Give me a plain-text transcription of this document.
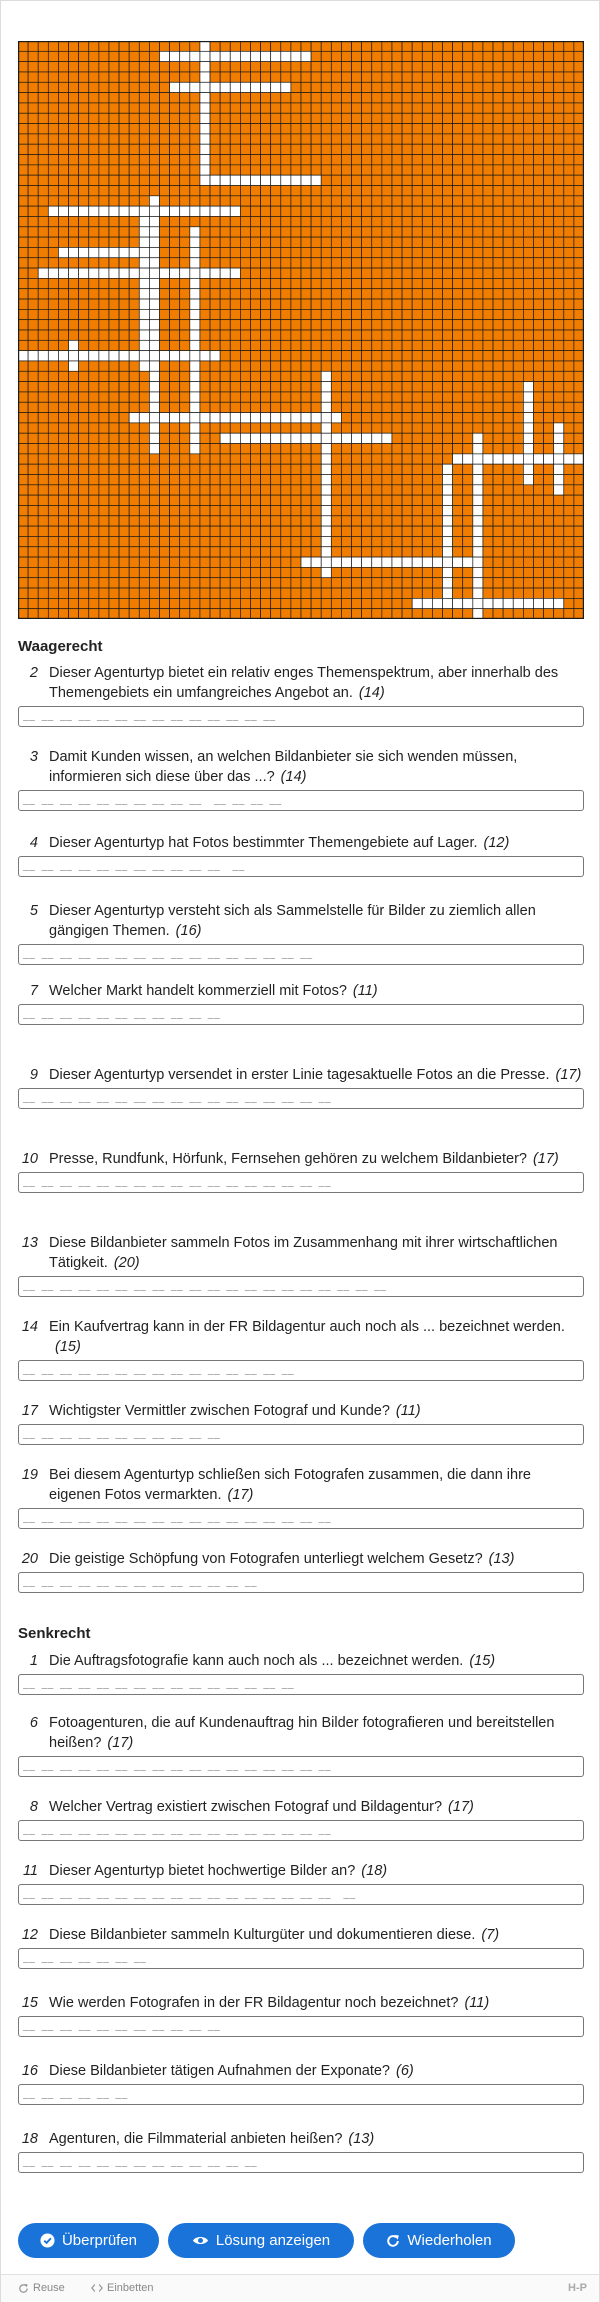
Waagerecht
2 Dieser Agenturtyp bietet ein relativ enges Themenspektrum, aber innerhalb des Themengebiets ein umfangreiches Angebot an. (14)
__ __ __ __ __ __ __ __ __ __ __ __ __ __
3 Damit Kunden wissen, an welchen Bildanbieter sie sich wenden müssen, informieren sich diese über das ...? (14)
__ __ __ __ __ __ __ __ __ __  __ __ __ __
4 Dieser Agenturtyp hat Fotos bestimmter Themengebiete auf Lager. (12)
__ __ __ __ __ __ __ __ __ __ __  __
5 Dieser Agenturtyp versteht sich als Sammelstelle für Bilder zu ziemlich allen gängigen Themen. (16)
__ __ __ __ __ __ __ __ __ __ __ __ __ __ __ __
7 Welcher Markt handelt kommerziell mit Fotos? (11)
__ __ __ __ __ __ __ __ __ __ __
9 Dieser Agenturtyp versendet in erster Linie tagesaktuelle Fotos an die Presse. (17)
__ __ __ __ __ __ __ __ __ __ __ __ __ __ __ __ __
10 Presse, Rundfunk, Hörfunk, Fernsehen gehören zu welchem Bildanbieter? (17)
__ __ __ __ __ __ __ __ __ __ __ __ __ __ __ __ __
13 Diese Bildanbieter sammeln Fotos im Zusammenhang mit ihrer wirtschaftlichen Tätigkeit. (20)
__ __ __ __ __ __ __ __ __ __ __ __ __ __ __ __ __ __ __ __
14 Ein Kaufvertrag kann in der FR Bildagentur auch noch als ... bezeichnet werden.(15)
__ __ __ __ __ __ __ __ __ __ __ __ __ __ __
17 Wichtigster Vermittler zwischen Fotograf und Kunde? (11)
__ __ __ __ __ __ __ __ __ __ __
19 Bei diesem Agenturtyp schließen sich Fotografen zusammen, die dann ihre eigenen Fotos vermarkten. (17)
__ __ __ __ __ __ __ __ __ __ __ __ __ __ __ __ __
20 Die geistige Schöpfung von Fotografen unterliegt welchem Gesetz? (13)
__ __ __ __ __ __ __ __ __ __ __ __ __
Senkrecht
1 Die Auftragsfotografie kann auch noch als ... bezeichnet werden. (15)
__ __ __ __ __ __ __ __ __ __ __ __ __ __ __
6 Fotoagenturen, die auf Kundenauftrag hin Bilder fotografieren und bereitstellen heißen? (17)
__ __ __ __ __ __ __ __ __ __ __ __ __ __ __ __ __
8 Welcher Vertrag existiert zwischen Fotograf und Bildagentur? (17)
__ __ __ __ __ __ __ __ __ __ __ __ __ __ __ __ __
11 Dieser Agenturtyp bietet hochwertige Bilder an? (18)
__ __ __ __ __ __ __ __ __ __ __ __ __ __ __ __ __  __
12 Diese Bildanbieter sammeln Kulturgüter und dokumentieren diese. (7)
__ __ __ __ __ __ __
15 Wie werden Fotografen in der FR Bildagentur noch bezeichnet? (11)
__ __ __ __ __ __ __ __ __ __ __
16 Diese Bildanbieter tätigen Aufnahmen der Exponate? (6)
__ __ __ __ __ __
18 Agenturen, die Filmmaterial anbieten heißen? (13)
__ __ __ __ __ __ __ __ __ __ __ __ __
Überprüfen	Lösung anzeigen	Wiederholen
Reuse	Einbetten	H-P
